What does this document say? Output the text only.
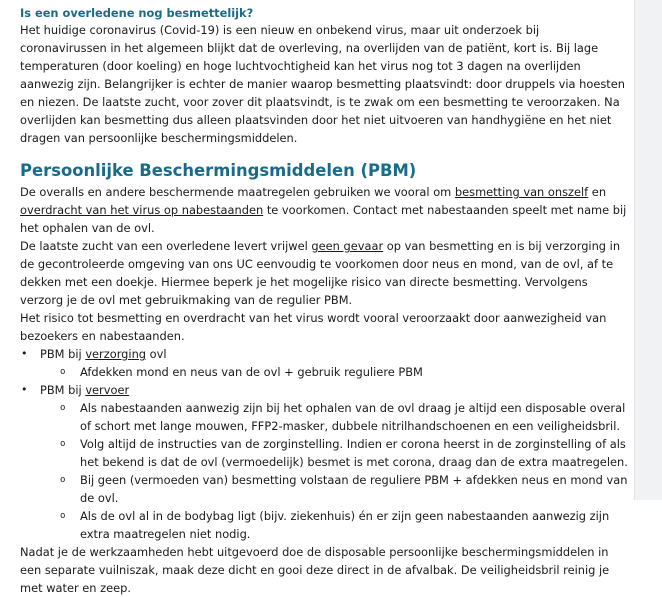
Is een overledene nog besmettelijk?

Het huidige coronavirus (Covid-19) is een nieuw en onbekend virus, maar uit onderzoek bij coronavirussen in het algemeen blijkt dat de overleving, na overlijden van de patiënt, kort is. Bij lage temperaturen (door koeling) en hoge luchtvochtigheid kan het virus nog tot 3 dagen na overlijden aanwezig zijn. Belangrijker is echter de manier waarop besmetting plaatsvindt: door druppels via hoesten en niezen. De laatste zucht, voor zover dit plaatsvindt, is te zwak om een besmetting te veroorzaken. Na overlijden kan besmetting dus alleen plaatsvinden door het niet uitvoeren van handhygiëne en het niet dragen van persoonlijke beschermingsmiddelen.

Persoonlijke Beschermingsmiddelen (PBM)

De overalls en andere beschermende maatregelen gebruiken we vooral om besmetting van onszelf en overdracht van het virus op nabestaanden te voorkomen. Contact met nabestaanden speelt met name bij het ophalen van de ovl.

De laatste zucht van een overledene levert vrijwel geen gevaar op van besmetting en is bij verzorging in de gecontroleerde omgeving van ons UC eenvoudig te voorkomen door neus en mond, van de ovl, af te dekken met een doekje. Hiermee beperk je het mogelijke risico van directe besmetting. Vervolgens verzorg je de ovl met gebruikmaking van de regulier PBM.

Het risico tot besmetting en overdracht van het virus wordt vooral veroorzaakt door aanwezigheid van bezoekers en nabestaanden.

• PBM bij verzorging ovl
o Afdekken mond en neus van de ovl + gebruik reguliere PBM
• PBM bij vervoer
o Als nabestaanden aanwezig zijn bij het ophalen van de ovl draag je altijd een disposable overal of schort met lange mouwen, FFP2-masker, dubbele nitrilhandschoenen en een veiligheidsbril.
o Volg altijd de instructies van de zorginstelling. Indien er corona heerst in de zorginstelling of als het bekend is dat de ovl (vermoedelijk) besmet is met corona, draag dan de extra maatregelen.
o Bij geen (vermoeden van) besmetting volstaan de reguliere PBM + afdekken neus en mond van de ovl.
o Als de ovl al in de bodybag ligt (bijv. ziekenhuis) én er zijn geen nabestaanden aanwezig zijn extra maatregelen niet nodig.

Nadat je de werkzaamheden hebt uitgevoerd doe de disposable persoonlijke beschermingsmiddelen in een separate vuilniszak, maak deze dicht en gooi deze direct in de afvalbak. De veiligheidsbril reinig je met water en zeep.
